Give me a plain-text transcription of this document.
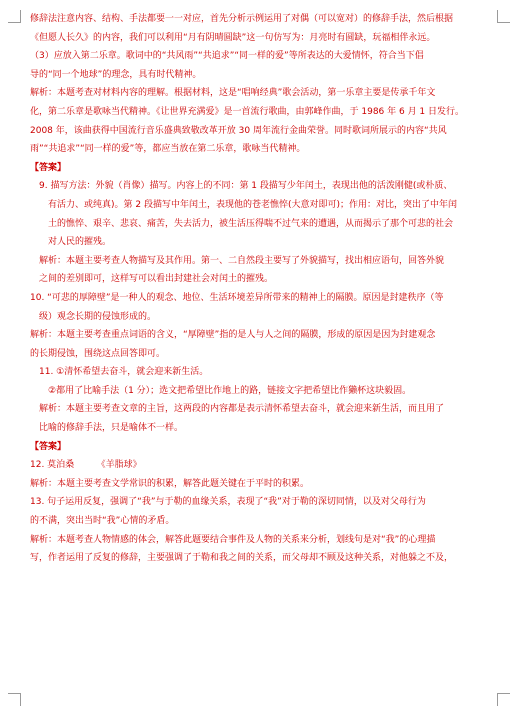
修辞法注意内容、结构、手法都要一一对应，首先分析示例运用了对偶（可以宽对）的修辞手法，然后根据
《但愿人长久》的内容，我们可以利用“月有阴晴圆缺”这一句仿写为：月亮时有圆缺，玩福相伴永远。
（3）应放入第二乐章。歌词中的“共风雨”“共追求”“同一样的爱”等所表达的大爱情怀，符合当下倡
导的“同一个地球”的理念，具有时代精神。
解析：本题考查对材料内容的理解。根据材料，这是“唱响经典”歌会活动，第一乐章主要是传承千年文
化，第二乐章是歌咏当代精神。《让世界充满爱》是一首流行歌曲，由郭峰作曲，于 1986 年 6 月 1 日发行。
2008 年，该曲获得中国流行音乐盛典致敬改革开放 30 周年流行金曲荣誉。同时歌词所展示的内容“共风
雨”“共追求”“同一样的爱”等，都应当放在第二乐章，歌咏当代精神。
【答案】
9. 描写方法：外貌（肖像）描写。内容上的不同：第 1 段描写少年闰土，表现出他的活泼刚健(或朴质、
有活力、或纯真)。第 2 段描写中年闰土，表现他的苍老憔悴(大意对即可)；作用：对比，突出了中年闰
土的憔悴、艰辛、悲哀、痛苦，失去活力，被生活压得喘不过气来的遭遇，从而揭示了那个可悲的社会
对人民的摧残。
解析：本题主要考查人物描写及其作用。第一、二自然段主要写了外貌描写，找出相应语句，回答外貌
之间的差别即可，这样写可以看出封建社会对闰土的摧残。
10. “可悲的厚障壁”是一种人的观念、地位、生活环境差异所带来的精神上的隔膜。原因是封建秩序（等
级）观念长期的侵蚀形成的。
解析：本题主要考查重点词语的含义，“厚障壁”指的是人与人之间的隔膜，形成的原因是因为封建观念
的长期侵蚀，围绕这点回答即可。
11. ①清怀希望去奋斗，就会迎来新生活。
②都用了比喻手法（1 分）；选文把希望比作地上的路，链接文字把希望比作獭杯这块毅固。
解析：本题主要考查文章的主旨，这两段的内容都是表示清怀希望去奋斗，就会迎来新生活，而且用了
比喻的修辞手法，只是喻体不一样。
【答案】
12. 莫泊桑　　　《羊脂球》
解析：本题主要考查文学常识的积累，解答此题关键在于平时的积累。
13. 句子运用反复，强调了“我”与于勒的血缘关系，表现了“我”对于勒的深切同情，以及对父母行为
的不满，突出当时“我”心情的矛盾。
解析：本题考查人物情感的体会，解答此题要结合事件及人物的关系来分析，划线句是对“我”的心理描
写，作者运用了反复的修辞，主要强调了于勒和我之间的关系，而父母却不顾及这种关系，对他躲之不及，
